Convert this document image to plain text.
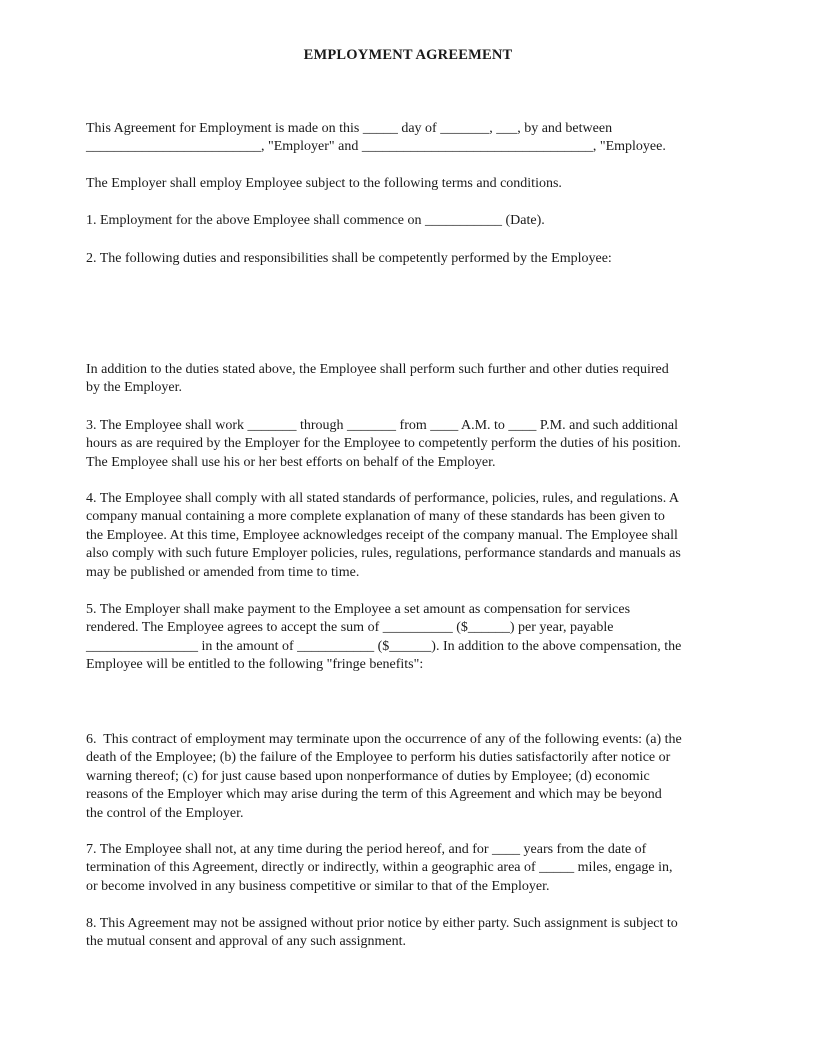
EMPLOYMENT AGREEMENT
This Agreement for Employment is made on this _____ day of _______, ___, by and between
_________________________, "Employer" and _________________________________, "Employee.
The Employer shall employ Employee subject to the following terms and conditions.
1. Employment for the above Employee shall commence on ___________ (Date).
2. The following duties and responsibilities shall be competently performed by the Employee:
In addition to the duties stated above, the Employee shall perform such further and other duties required
by the Employer.
3. The Employee shall work _______ through _______ from ____ A.M. to ____ P.M. and such additional
hours as are required by the Employer for the Employee to competently perform the duties of his position.
The Employee shall use his or her best efforts on behalf of the Employer.
4. The Employee shall comply with all stated standards of performance, policies, rules, and regulations. A
company manual containing a more complete explanation of many of these standards has been given to
the Employee. At this time, Employee acknowledges receipt of the company manual. The Employee shall
also comply with such future Employer policies, rules, regulations, performance standards and manuals as
may be published or amended from time to time.
5. The Employer shall make payment to the Employee a set amount as compensation for services
rendered. The Employee agrees to accept the sum of __________ ($______) per year, payable
________________ in the amount of ___________ ($______). In addition to the above compensation, the
Employee will be entitled to the following "fringe benefits":
6.  This contract of employment may terminate upon the occurrence of any of the following events: (a) the
death of the Employee; (b) the failure of the Employee to perform his duties satisfactorily after notice or
warning thereof; (c) for just cause based upon nonperformance of duties by Employee; (d) economic
reasons of the Employer which may arise during the term of this Agreement and which may be beyond
the control of the Employer.
7. The Employee shall not, at any time during the period hereof, and for ____ years from the date of
termination of this Agreement, directly or indirectly, within a geographic area of _____ miles, engage in,
or become involved in any business competitive or similar to that of the Employer.
8. This Agreement may not be assigned without prior notice by either party. Such assignment is subject to
the mutual consent and approval of any such assignment.
